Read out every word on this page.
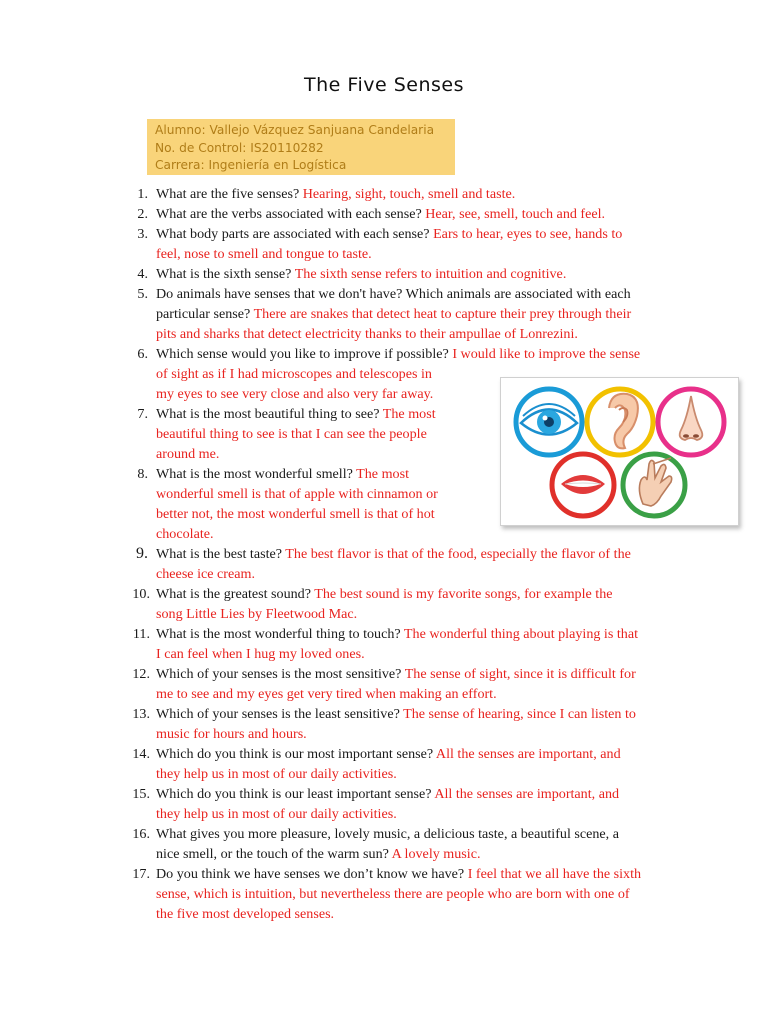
The Five Senses
Alumno: Vallejo Vázquez Sanjuana Candelaria
No. de Control: IS20110282
Carrera: Ingeniería en Logística
1. What are the five senses? Hearing, sight, touch, smell and taste.
2. What are the verbs associated with each sense? Hear, see, smell, touch and feel.
3. What body parts are associated with each sense? Ears to hear, eyes to see, hands to
feel, nose to smell and tongue to taste.
4. What is the sixth sense? The sixth sense refers to intuition and cognitive.
5. Do animals have senses that we don't have? Which animals are associated with each
particular sense? There are snakes that detect heat to capture their prey through their
pits and sharks that detect electricity thanks to their ampullae of Lonrezini.
6. Which sense would you like to improve if possible? I would like to improve the sense
of sight as if I had microscopes and telescopes in
my eyes to see very close and also very far away.
7. What is the most beautiful thing to see? The most
beautiful thing to see is that I can see the people
around me.
8. What is the most wonderful smell? The most
wonderful smell is that of apple with cinnamon or
better not, the most wonderful smell is that of hot
chocolate.
9. What is the best taste? The best flavor is that of the food, especially the flavor of the
cheese ice cream.
10. What is the greatest sound? The best sound is my favorite songs, for example the
song Little Lies by Fleetwood Mac.
11. What is the most wonderful thing to touch? The wonderful thing about playing is that
I can feel when I hug my loved ones.
12. Which of your senses is the most sensitive? The sense of sight, since it is difficult for
me to see and my eyes get very tired when making an effort.
13. Which of your senses is the least sensitive? The sense of hearing, since I can listen to
music for hours and hours.
14. Which do you think is our most important sense? All the senses are important, and
they help us in most of our daily activities.
15. Which do you think is our least important sense? All the senses are important, and
they help us in most of our daily activities.
16. What gives you more pleasure, lovely music, a delicious taste, a beautiful scene, a
nice smell, or the touch of the warm sun? A lovely music.
17. Do you think we have senses we don’t know we have? I feel that we all have the sixth
sense, which is intuition, but nevertheless there are people who are born with one of
the five most developed senses.
